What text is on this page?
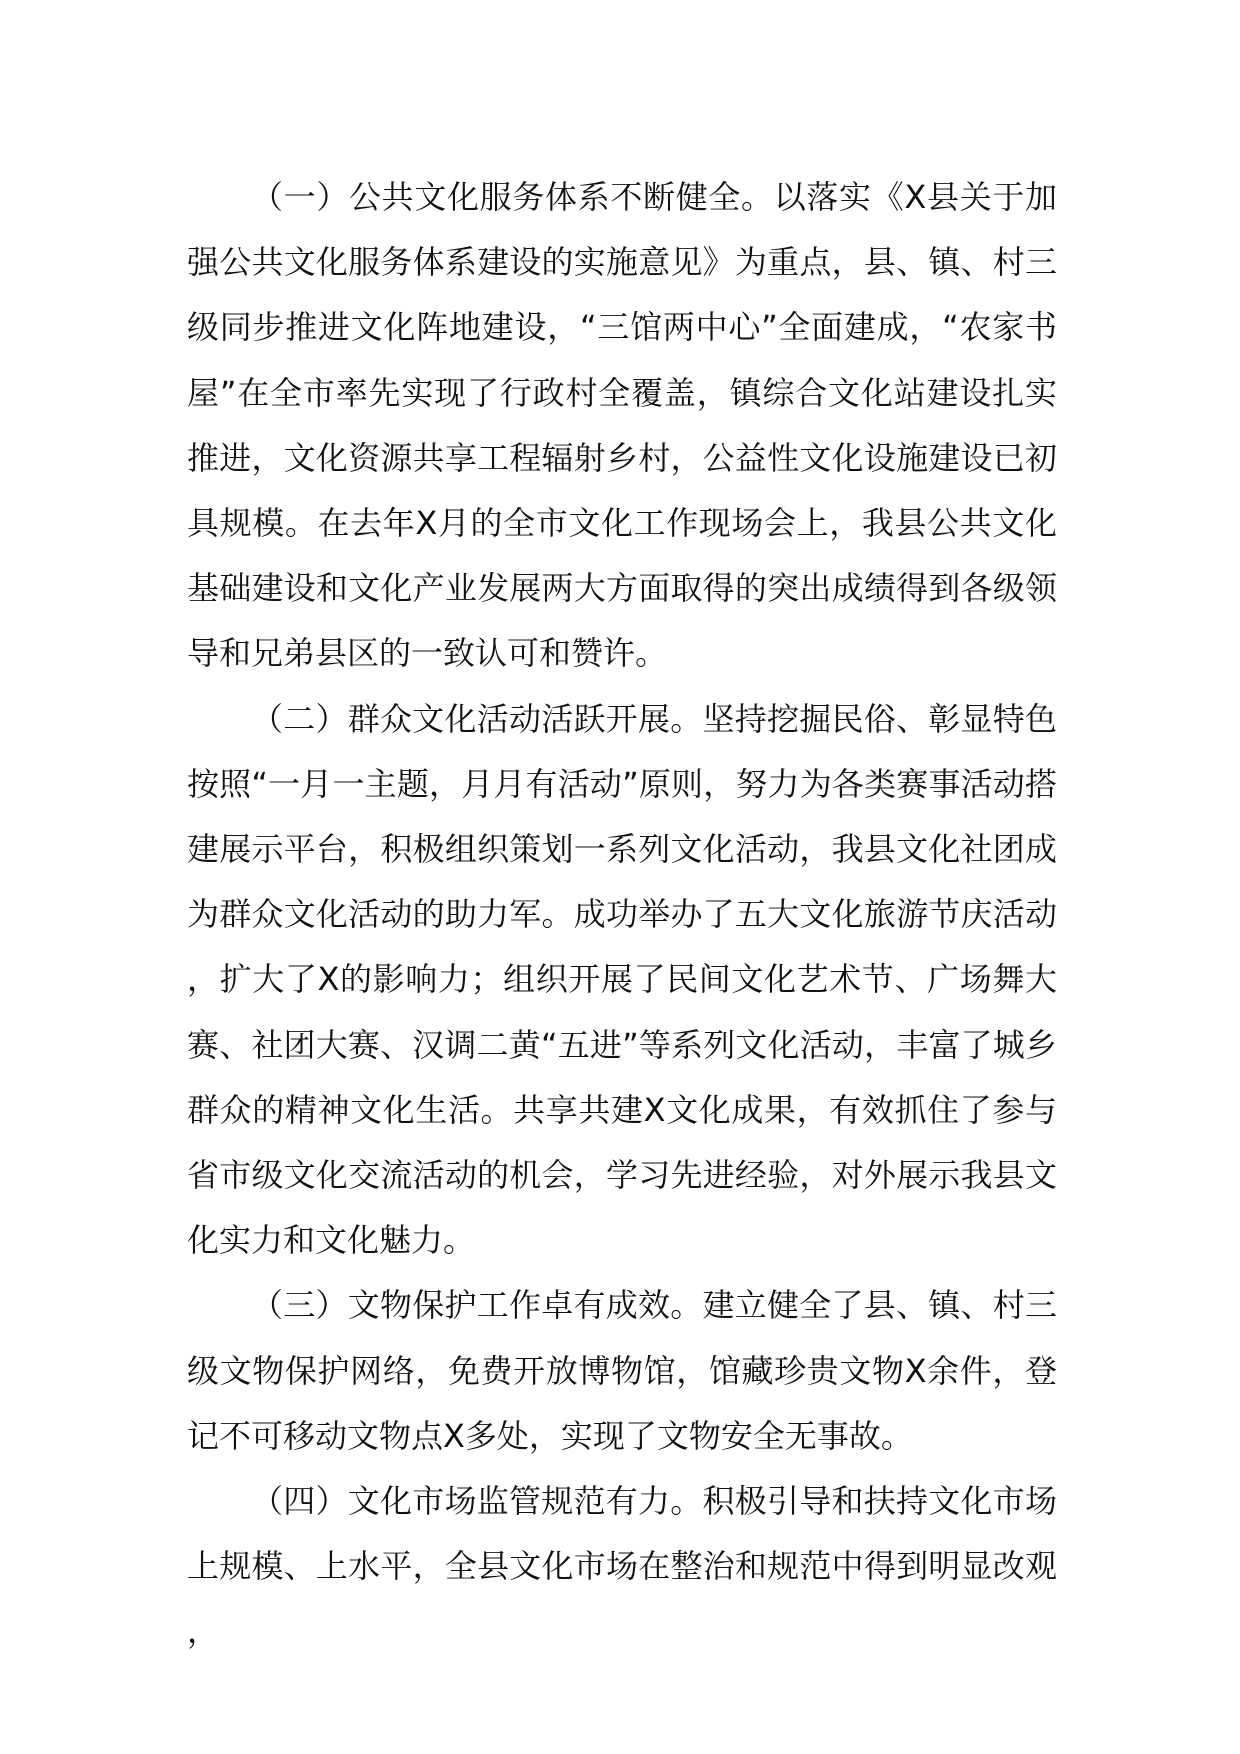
（一）公共文化服务体系不断健全。以落实《X县关于加强公共文化服务体系建设的实施意见》为重点，县、镇、村三级同步推进文化阵地建设，“三馆两中心”全面建成，“农家书屋”在全市率先实现了行政村全覆盖，镇综合文化站建设扎实推进，文化资源共享工程辐射乡村，公益性文化设施建设已初具规模。在去年X月的全市文化工作现场会上，我县公共文化基础建设和文化产业发展两大方面取得的突出成绩得到各级领导和兄弟县区的一致认可和赞许。

（二）群众文化活动活跃开展。坚持挖掘民俗、彰显特色按照“一月一主题，月月有活动”原则，努力为各类赛事活动搭建展示平台，积极组织策划一系列文化活动，我县文化社团成为群众文化活动的助力军。成功举办了五大文化旅游节庆活动，扩大了X的影响力；组织开展了民间文化艺术节、广场舞大赛、社团大赛、汉调二黄“五进”等系列文化活动，丰富了城乡群众的精神文化生活。共享共建X文化成果，有效抓住了参与省市级文化交流活动的机会，学习先进经验，对外展示我县文化实力和文化魅力。

（三）文物保护工作卓有成效。建立健全了县、镇、村三级文物保护网络，免费开放博物馆，馆藏珍贵文物X余件，登记不可移动文物点X多处，实现了文物安全无事故。

（四）文化市场监管规范有力。积极引导和扶持文化市场上规模、上水平，全县文化市场在整治和规范中得到明显改观，
